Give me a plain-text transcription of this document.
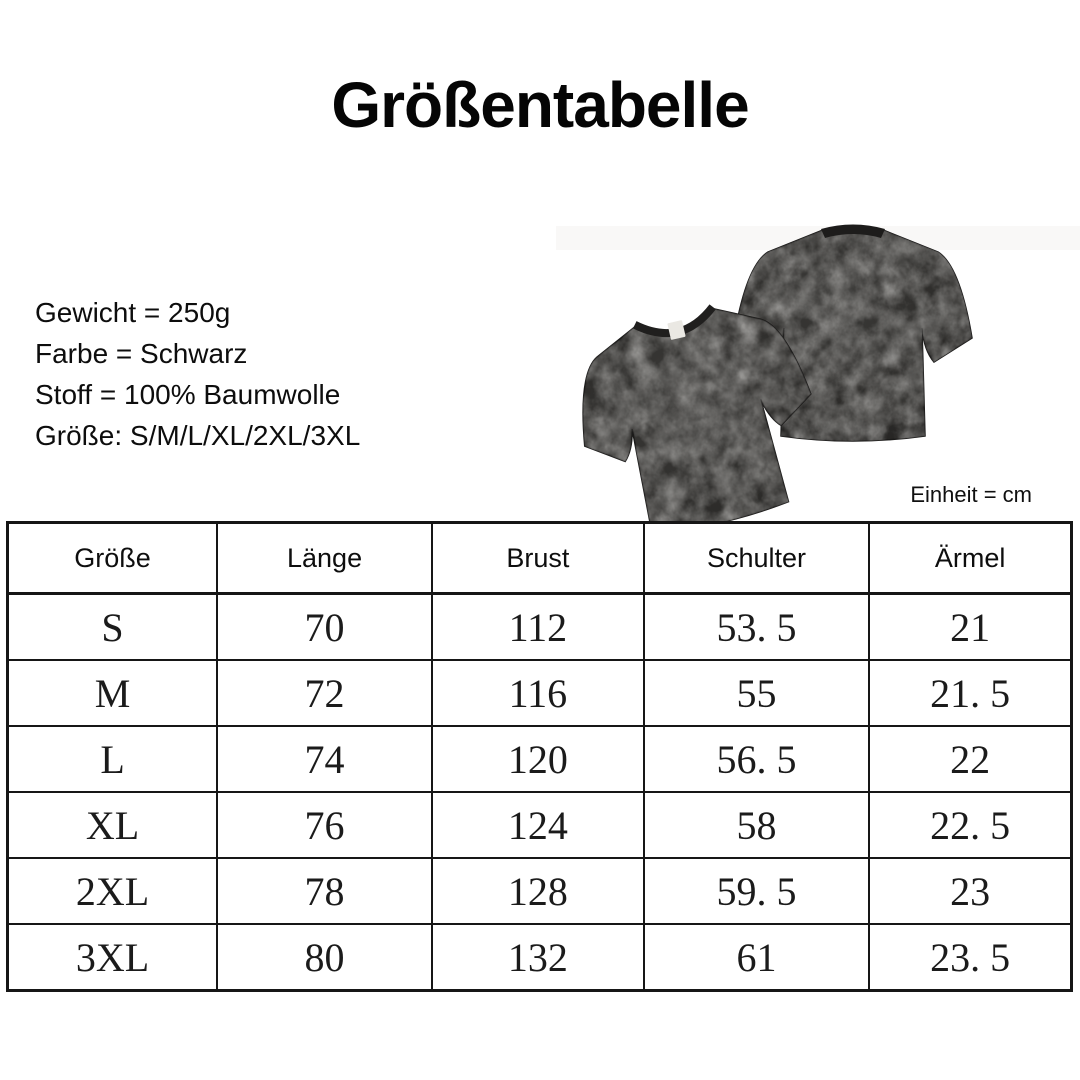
Größentabelle
Gewicht = 250g
Farbe = Schwarz
Stoff = 100% Baumwolle
Größe: S/M/L/XL/2XL/3XL
Einheit = cm
Größe	Länge	Brust	Schulter	Ärmel
S	70	112	53. 5	21
M	72	116	55	21. 5
L	74	120	56. 5	22
XL	76	124	58	22. 5
2XL	78	128	59. 5	23
3XL	80	132	61	23. 5
